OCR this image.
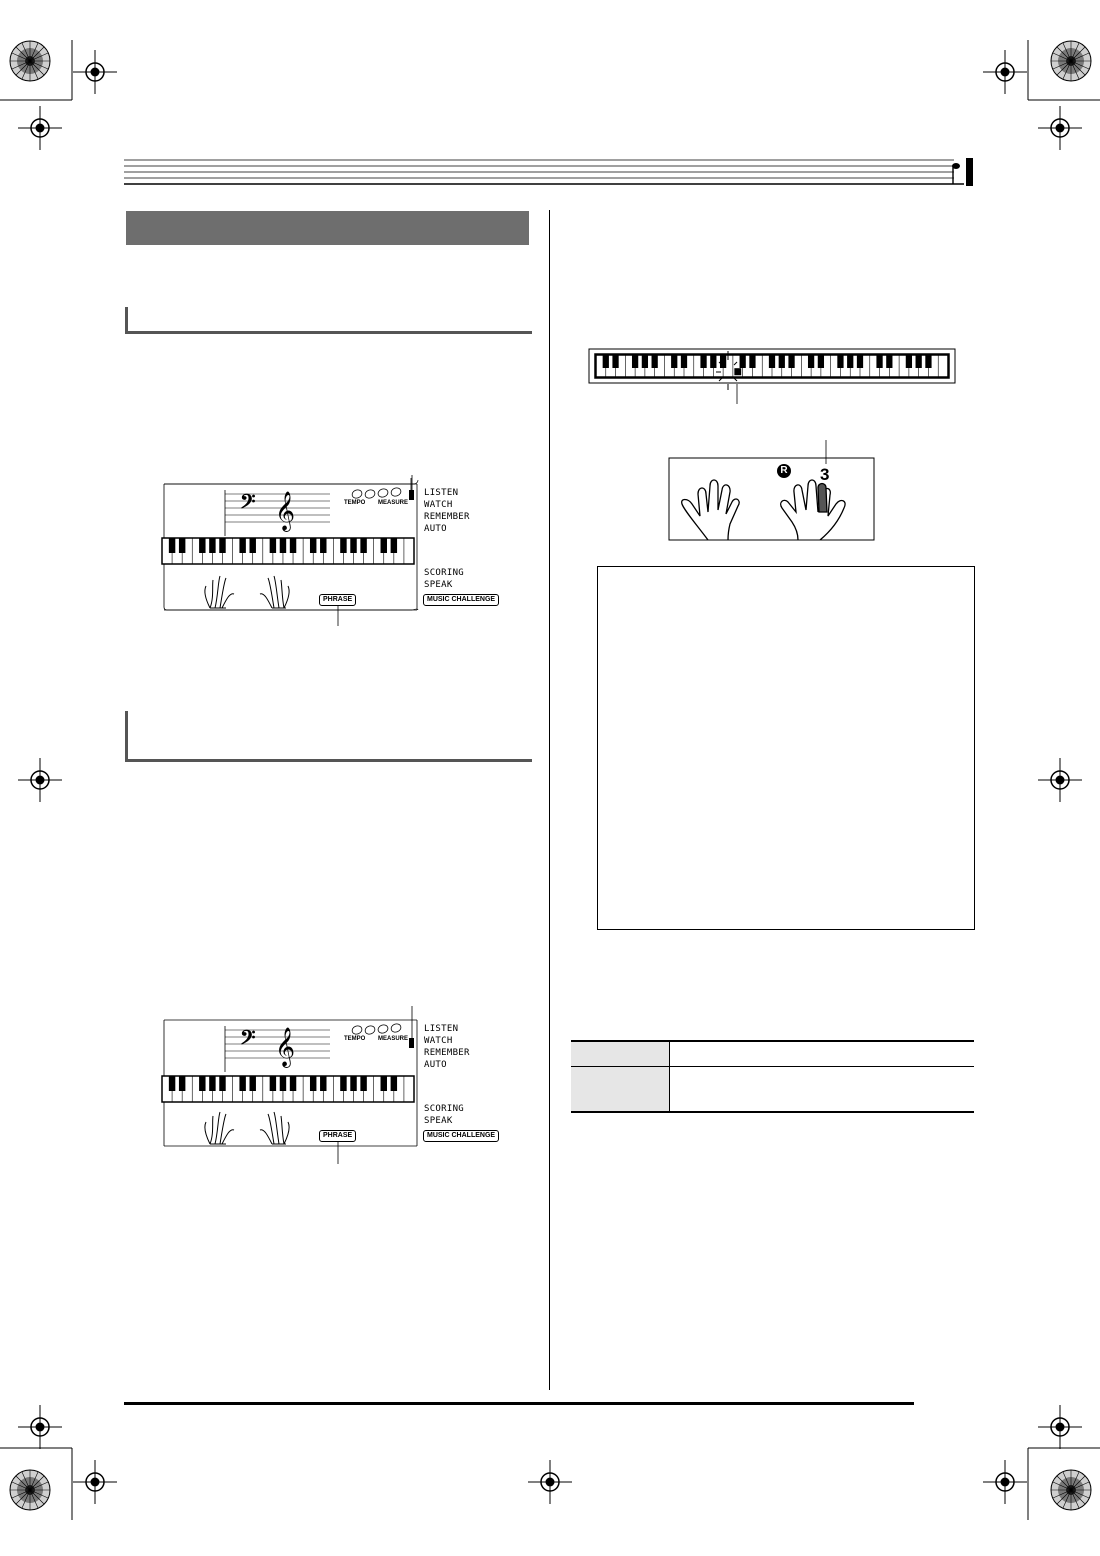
𝄢 𝄞	TEMPO MEASURE
LISTEN
WATCH
REMEMBER
AUTO
SCORING
SPEAK
PHRASE	MUSIC CHALLENGE
𝄢 𝄞	TEMPO MEASURE
LISTEN
WATCH
REMEMBER
AUTO
SCORING
SPEAK
PHRASE	MUSIC CHALLENGE
R 3
